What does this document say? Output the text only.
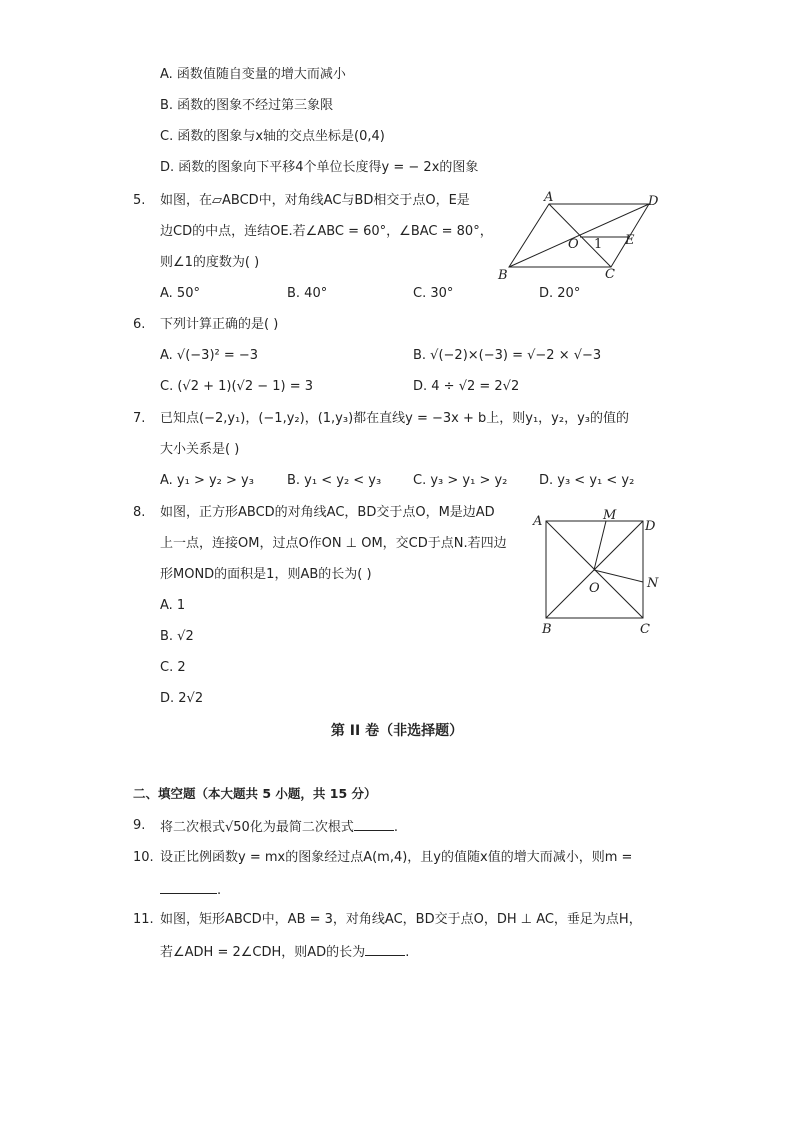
A. 函数值随自变量的增大而减小
B. 函数的图象不经过第三象限
C. 函数的图象与x轴的交点坐标是(0,4)
D. 函数的图象向下平移4个单位长度得y = − 2x的图象
5. 如图，在▱ABCD中，对角线AC与BD相交于点O，E是
边CD的中点，连结OE.若∠ABC = 60°，∠BAC = 80°，
则∠1的度数为( )
A. 50°	B. 40°	C. 30°	D. 20°
A	D
B	C
O	E
1
6. 下列计算正确的是( )
A. √(−3)² = −3	B. √(−2)×(−3) = √−2 × √−3
C. (√2 + 1)(√2 − 1) = 3	D. 4 ÷ √2 = 2√2
7. 已知点(−2,y₁)，(−1,y₂)，(1,y₃)都在直线y = −3x + b上，则y₁，y₂，y₃的值的
大小关系是( )
A. y₁ > y₂ > y₃	B. y₁ < y₂ < y₃ C. y₃ > y₁ > y₂ D. y₃ < y₁ < y₂
8. 如图，正方形ABCD的对角线AC，BD交于点O，M是边AD
上一点，连接OM，过点O作ON ⊥ OM，交CD于点N.若四边
形MOND的面积是1，则AB的长为( )
A. 1
B. √2
C. 2
D. 2√2
A	D
B	C
M
N
O
第 II 卷（非选择题）
二、填空题（本大题共 5 小题，共 15 分）
9. 将二次根式√50化为最简二次根式	.
10. 设正比例函数y = mx的图象经过点A(m,4)，且y的值随x值的增大而减小，则m =
.
11. 如图，矩形ABCD中，AB = 3，对角线AC，BD交于点O，DH ⊥ AC，垂足为点H，
若∠ADH = 2∠CDH，则AD的长为	.
